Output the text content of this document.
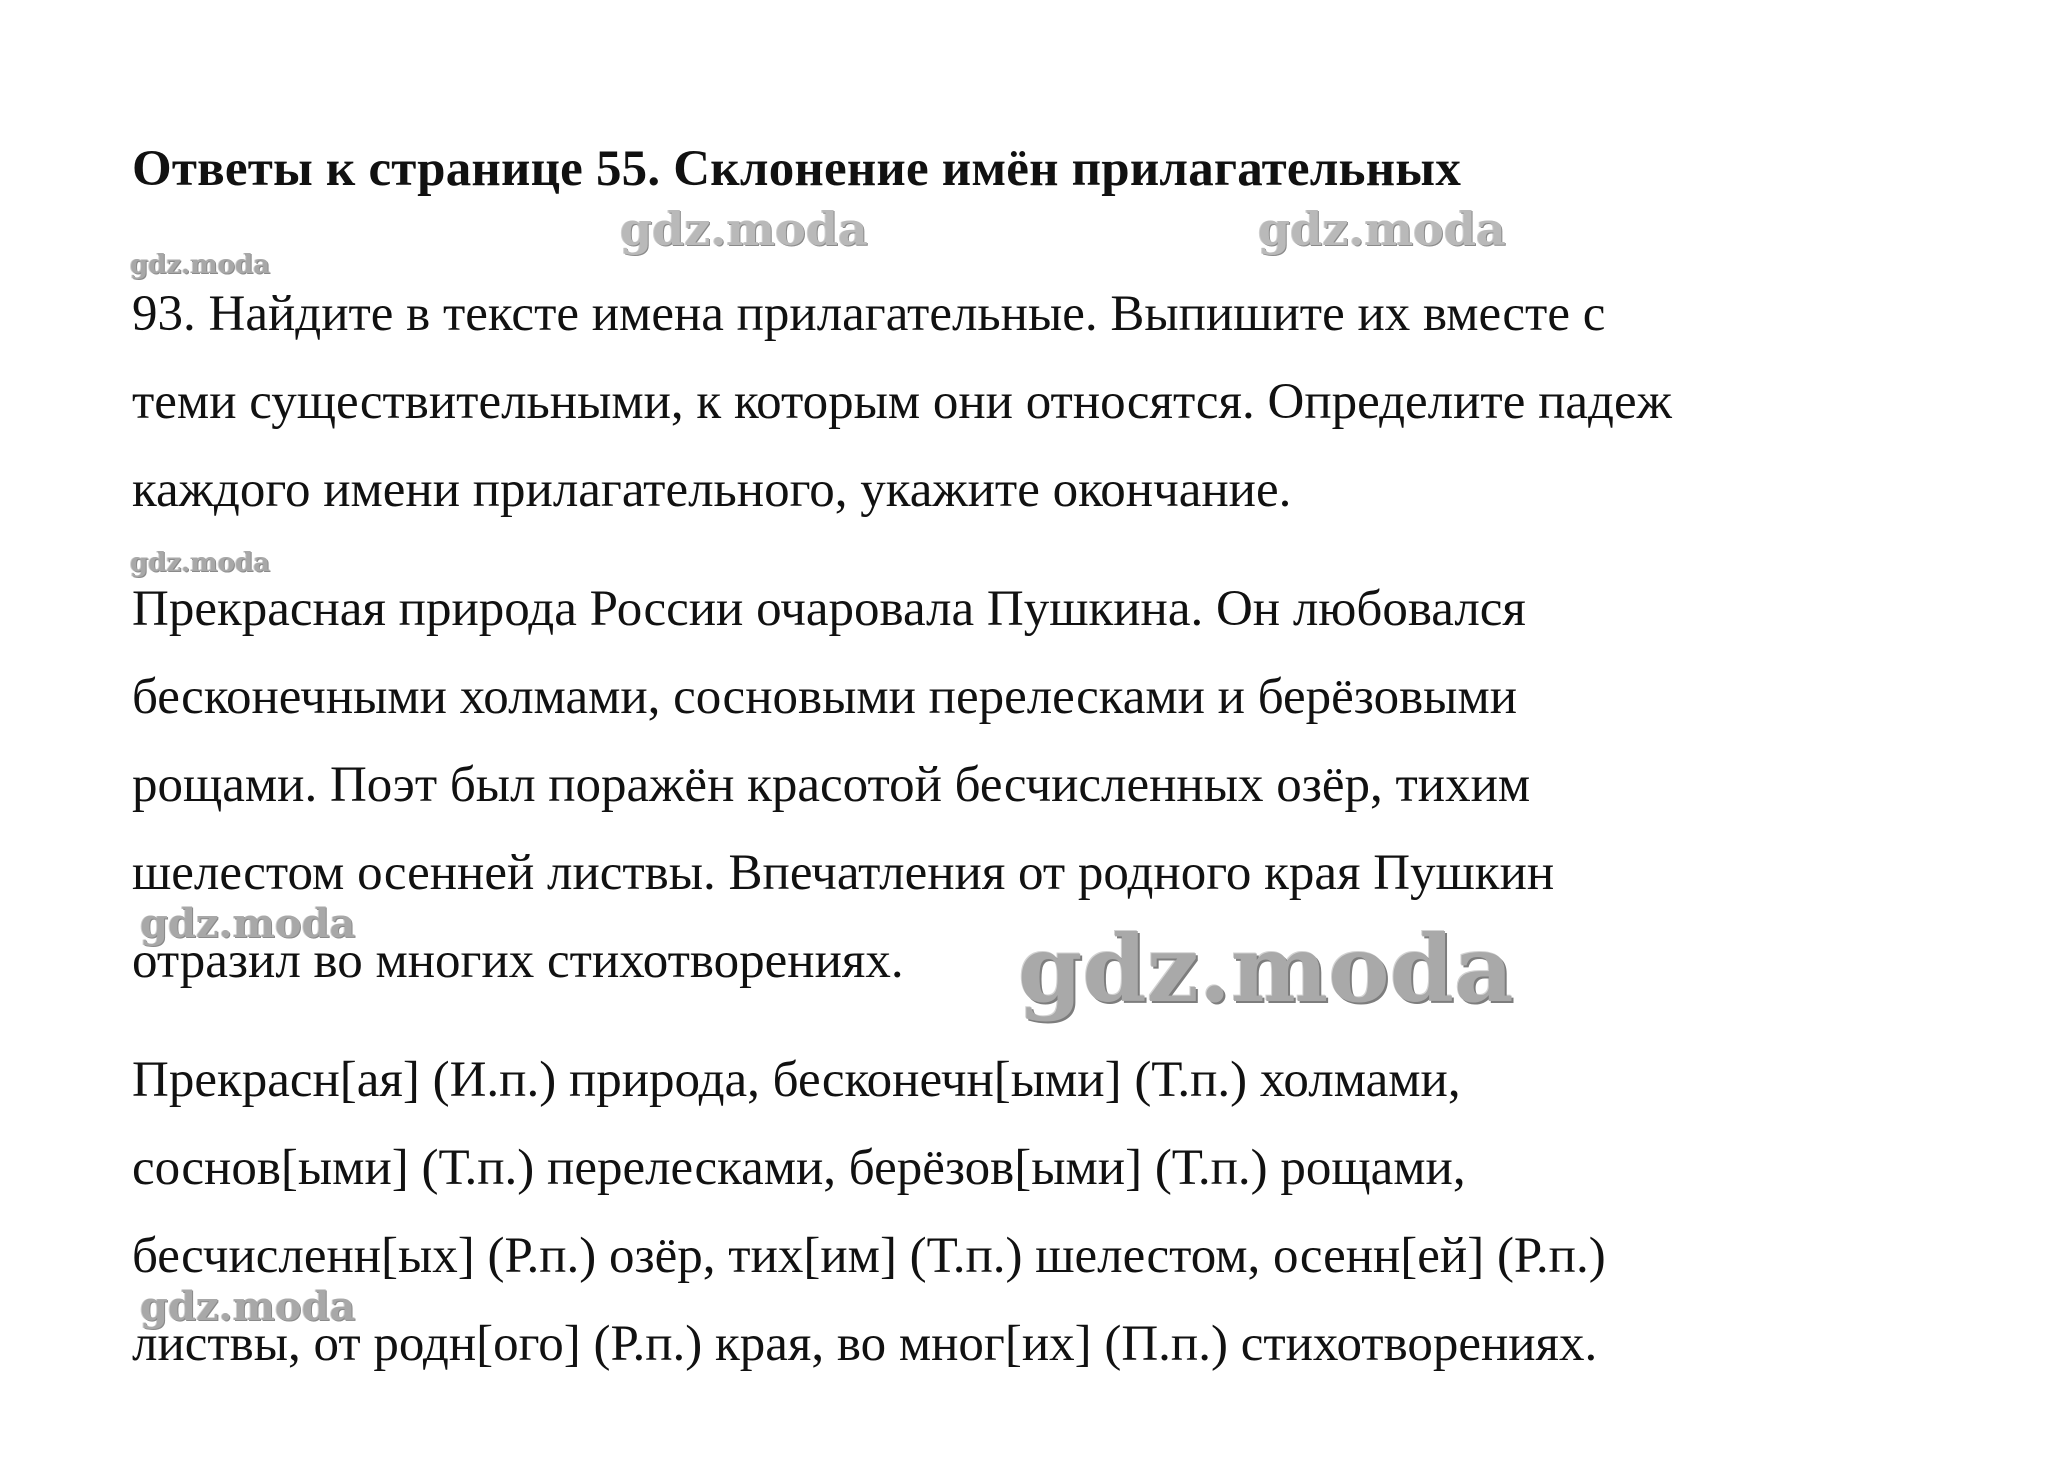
Ответы к странице 55. Склонение имён прилагательных
gdz.moda	gdz.moda
gdz.moda
gdz.moda
gdz.moda	gdz.moda
gdz.moda
93. Найдите в тексте имена прилагательные. Выпишите их вместе с
теми существительными, к которым они относятся. Определите падеж
каждого имени прилагательного, укажите окончание.
Прекрасная природа России очаровала Пушкина. Он любовался
бесконечными холмами, сосновыми перелесками и берёзовыми
рощами. Поэт был поражён красотой бесчисленных озёр, тихим
шелестом осенней листвы. Впечатления от родного края Пушкин
отразил во многих стихотворениях.
Прекрасн[ая] (И.п.) природа, бесконечн[ыми] (Т.п.) холмами,
соснов[ыми] (Т.п.) перелесками, берёзов[ыми] (Т.п.) рощами,
бесчисленн[ых] (Р.п.) озёр, тих[им] (Т.п.) шелестом, осенн[ей] (Р.п.)
листвы, от родн[ого] (Р.п.) края, во мног[их] (П.п.) стихотворениях.
